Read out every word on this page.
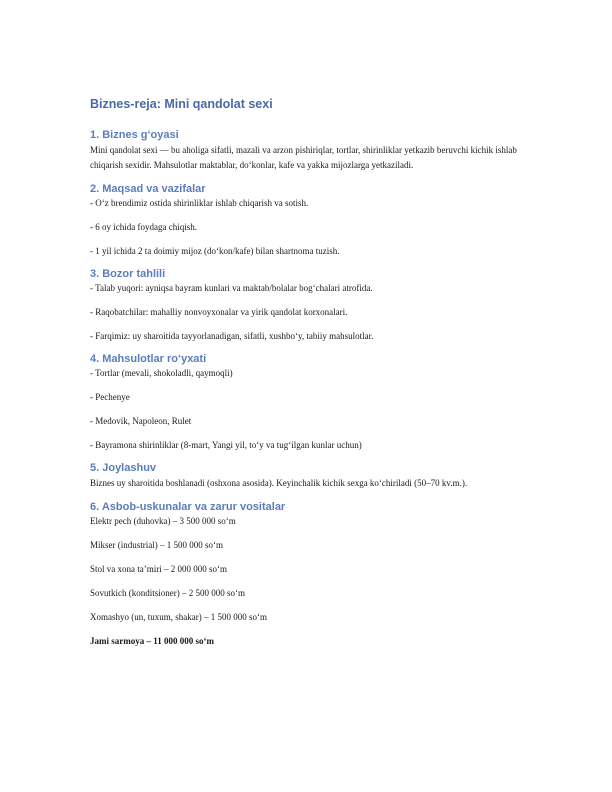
Biznes-reja: Mini qandolat sexi
1. Biznes g‘oyasi

Mini qandolat sexi — bu aholiga sifatli, mazali va arzon pishiriqlar, tortlar, shirinliklar yetkazib beruvchi kichik ishlab chiqarish sexidir. Mahsulotlar maktablar, do‘konlar, kafe va yakka mijozlarga yetkaziladi.

2. Maqsad va vazifalar

- O‘z brendimiz ostida shirinliklar ishlab chiqarish va sotish.

- 6 oy ichida foydaga chiqish.

- 1 yil ichida 2 ta doimiy mijoz (do‘kon/kafe) bilan shartnoma tuzish.

3. Bozor tahlili

- Talab yuqori: ayniqsa bayram kunlari va maktab/bolalar bog‘chalari atrofida.

- Raqobatchilar: mahalliy nonvoyxonalar va yirik qandolat korxonalari.

- Farqimiz: uy sharoitida tayyorlanadigan, sifatli, xushbo‘y, tabiiy mahsulotlar.

4. Mahsulotlar ro‘yxati

- Tortlar (mevali, shokoladli, qaymoqli)

- Pechenye

- Medovik, Napoleon, Rulet

- Bayramona shirinliklar (8-mart, Yangi yil, to‘y va tug‘ilgan kunlar uchun)

5. Joylashuv

Biznes uy sharoitida boshlanadi (oshxona asosida). Keyinchalik kichik sexga ko‘chiriladi (50–70 kv.m.).

6. Asbob-uskunalar va zarur vositalar

Elektr pech (duhovka) – 3 500 000 so‘m

Mikser (industrial) – 1 500 000 so‘m

Stol va xona ta’miri – 2 000 000 so‘m

Sovutkich (konditsioner) – 2 500 000 so‘m

Xomashyo (un, tuxum, shakar) – 1 500 000 so‘m

Jami sarmoya – 11 000 000 so‘m
